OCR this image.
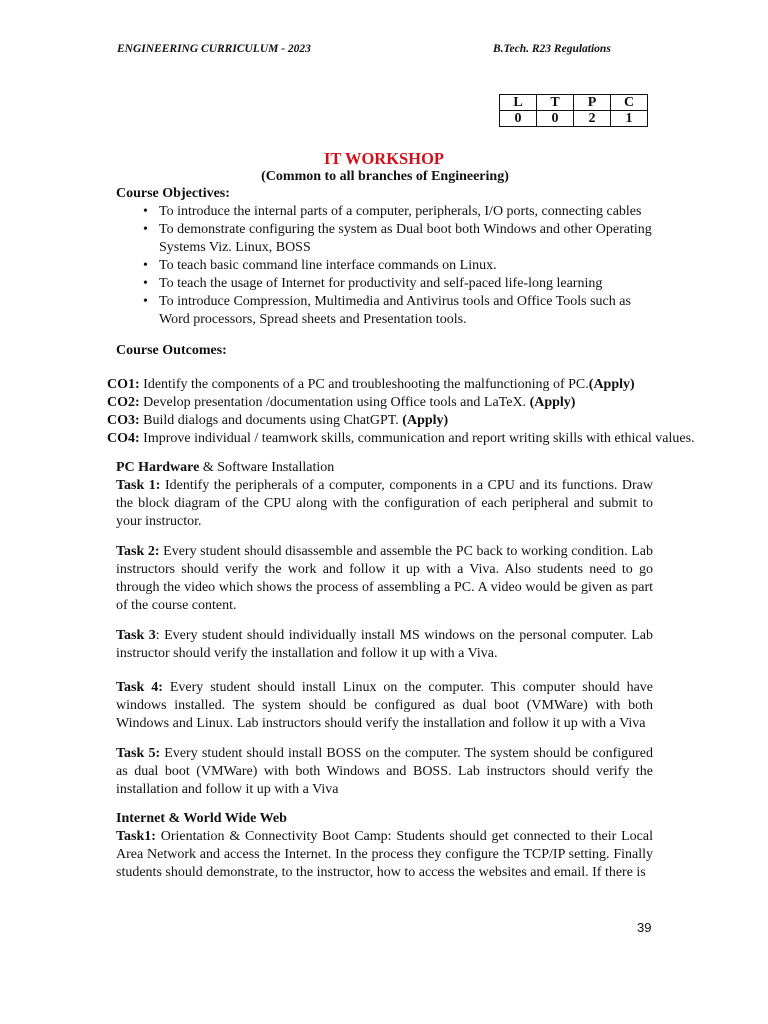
ENGINEERING CURRICULUM - 2023	B.Tech. R23 Regulations
L	T	P	C
0	0	2	1
IT WORKSHOP
(Common to all branches of Engineering)
Course Objectives:
• To introduce the internal parts of a computer, peripherals, I/O ports, connecting cables
• To demonstrate configuring the system as Dual boot both Windows and other Operating Systems Viz. Linux, BOSS
• To teach basic command line interface commands on Linux.
• To teach the usage of Internet for productivity and self-paced life-long learning
• To introduce Compression, Multimedia and Antivirus tools and Office Tools such as Word processors, Spread sheets and Presentation tools.
Course Outcomes:
CO1: Identify the components of a PC and troubleshooting the malfunctioning of PC.(Apply)
CO2: Develop presentation /documentation using Office tools and LaTeX. (Apply)
CO3: Build dialogs and documents using ChatGPT. (Apply)
CO4: Improve individual / teamwork skills, communication and report writing skills with ethical values.
PC Hardware & Software Installation
Task 1: Identify the peripherals of a computer, components in a CPU and its functions. Draw the block diagram of the CPU along with the configuration of each peripheral and submit to your instructor.
Task 2: Every student should disassemble and assemble the PC back to working condition. Lab instructors should verify the work and follow it up with a Viva. Also students need to go through the video which shows the process of assembling a PC. A video would be given as part of the course content.
Task 3: Every student should individually install MS windows on the personal computer. Lab instructor should verify the installation and follow it up with a Viva.
Task 4: Every student should install Linux on the computer. This computer should have windows installed. The system should be configured as dual boot (VMWare) with both Windows and Linux. Lab instructors should verify the installation and follow it up with a Viva
Task 5: Every student should install BOSS on the computer. The system should be configured as dual boot (VMWare) with both Windows and BOSS. Lab instructors should verify the installation and follow it up with a Viva
Internet & World Wide Web
Task1: Orientation & Connectivity Boot Camp: Students should get connected to their Local Area Network and access the Internet. In the process they configure the TCP/IP setting. Finally students should demonstrate, to the instructor, how to access the websites and email. If there is
39
